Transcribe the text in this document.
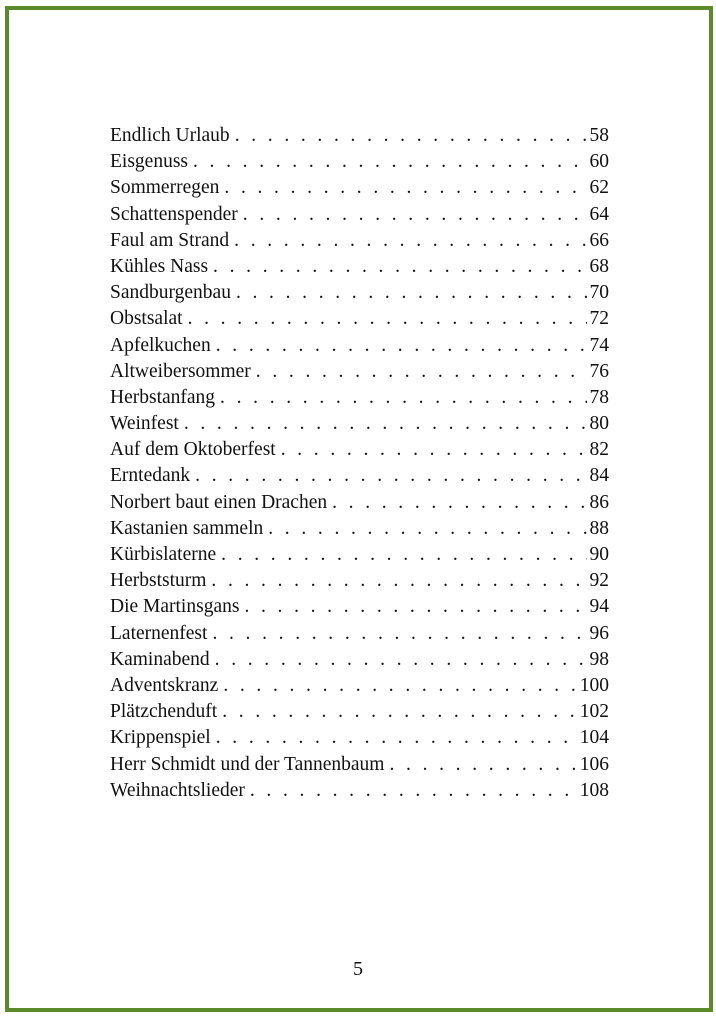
Endlich Urlaub . . .	58
Eisgenuss . . .	60
Sommerregen . . .	62
Schattenspender . . .	64
Faul am Strand . . .	66
Kühles Nass . . .	68
Sandburgenbau . . .	70
Obstsalat . . .	72
Apfelkuchen . . .	74
Altweibersommer . . .	76
Herbstanfang . . .	78
Weinfest . . .	80
Auf dem Oktoberfest . . .	82
Erntedank . . .	84
Norbert baut einen Drachen . . .	86
Kastanien sammeln . . .	88
Kürbislaterne . . .	90
Herbststurm . . .	92
Die Martinsgans . . .	94
Laternenfest . . .	96
Kaminabend . . .	98
Adventskranz . . .	100
Plätzchenduft . . .	102
Krippenspiel . . .	104
Herr Schmidt und der Tannenbaum . . .	106
Weihnachtslieder . . .	108
5
